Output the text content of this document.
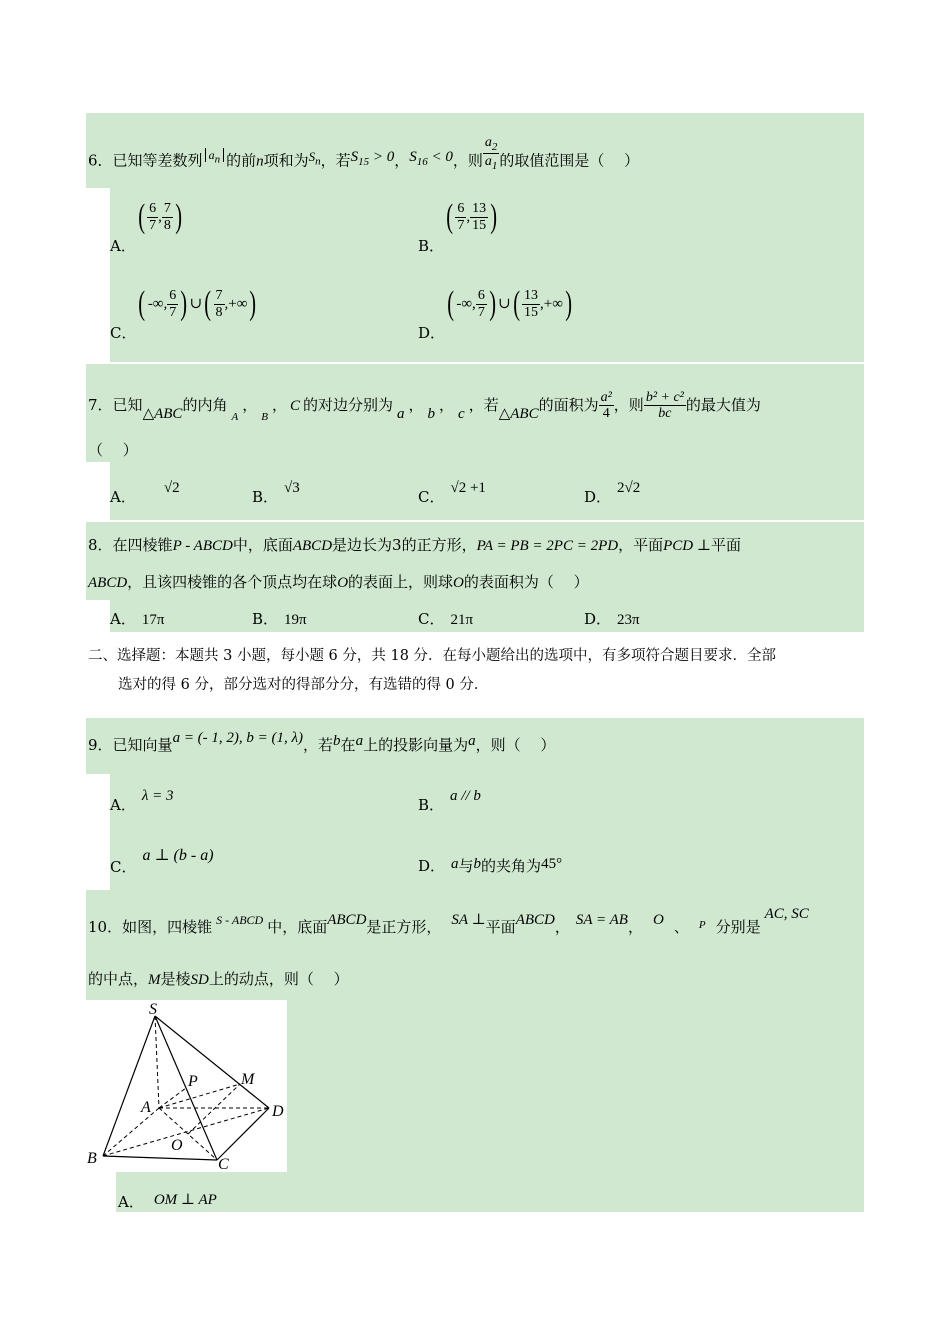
6．已知等差数列 $^{a_n}$ 的前n项和为$S_n$，若$S_{15} > 0$，$S_{16} < 0$，则 $\frac{a_2}{a_1}$ 的取值范围是（　 ）
A．( $\frac{6}{7}$ , $\frac{7}{8}$ )
B．( $\frac{6}{7}$ , $\frac{13}{15}$ )
C．( -∞, $\frac{6}{7}$ ) ∪( $\frac{7}{8}$ ,+∞)
D．( -∞, $\frac{6}{7}$ ) ∪( $\frac{13}{15}$ ,+∞)
7．已知△ABC的内角$_A$，$_B$， C 的对边分别为 a ， b ， c ，若△ABC的面积为 $\frac{\text{a²}}{4}$ ，则 $\frac{\text{b² + c²}}{bc}$ 的最大值为
（　 ）
A． √2	B． √3	C． √2 +1	D． 2√2
8．在四棱锥P - ABCD中，底面ABCD是边长为3的正方形，PA = PB = 2PC = 2PD，平面PCD ⊥平面
ABCD，且该四棱锥的各个顶点均在球O的表面上，则球O的表面积为（　 ）
A． 17π	B． 19π	C． 21π	D． 23π
二、选择题：本题共 3 小题，每小题 6 分，共 18 分．在每小题给出的选项中，有多项符合题目要求．全部
选对的得 6 分，部分选对的得部分分，有选错的得 0 分．
9．已知向量a = (- 1, 2), b = (1, λ)，若b在a上的投影向量为a，则（　 ）
A． λ = 3	B． a // b
C．a ⊥ (b - a)
D． a与b的夹角为45°
10．如图，四棱锥 $^{S - ABCD}$ 中，底面ABCD是正方形， SA ⊥平面ABCD， SA = AB， O 、 $^P$ 分别是AC, SC
的中点，M是棱SD上的动点，则（　 ）
S
P	M
A	D
O
B	C
A． OM ⊥ AP
